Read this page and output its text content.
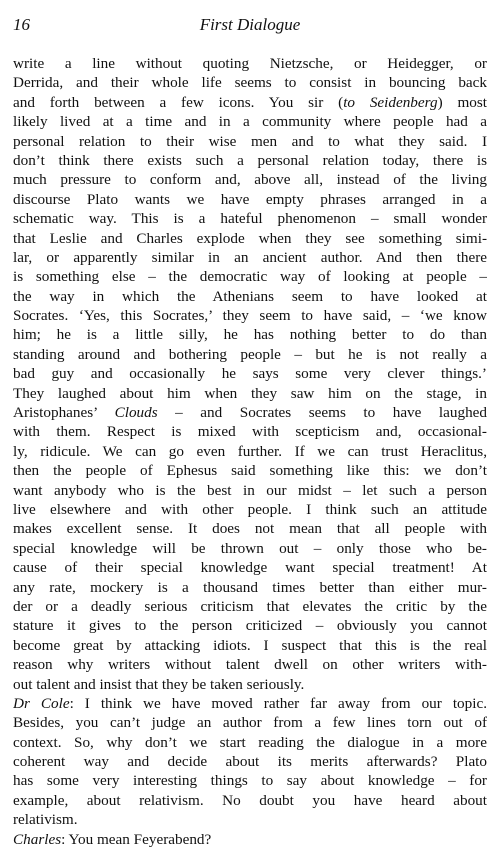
16	First Dialogue
write a line without quoting Nietzsche, or Heidegger, or
Derrida, and their whole life seems to consist in bouncing back
and forth between a few icons. You sir (to Seidenberg) most
likely lived at a time and in a community where people had a
personal relation to their wise men and to what they said. I
don’t think there exists such a personal relation today, there is
much pressure to conform and, above all, instead of the living
discourse Plato wants we have empty phrases arranged in a
schematic way. This is a hateful phenomenon – small wonder
that Leslie and Charles explode when they see something simi-
lar, or apparently similar in an ancient author. And then there
is something else – the democratic way of looking at people –
the way in which the Athenians seem to have looked at
Socrates. ‘Yes, this Socrates,’ they seem to have said, – ‘we know
him; he is a little silly, he has nothing better to do than
standing around and bothering people – but he is not really a
bad guy and occasionally he says some very clever things.’
They laughed about him when they saw him on the stage, in
Aristophanes’ Clouds – and Socrates seems to have laughed
with them. Respect is mixed with scepticism and, occasional-
ly, ridicule. We can go even further. If we can trust Heraclitus,
then the people of Ephesus said something like this: we don’t
want anybody who is the best in our midst – let such a person
live elsewhere and with other people. I think such an attitude
makes excellent sense. It does not mean that all people with
special knowledge will be thrown out – only those who be-
cause of their special knowledge want special treatment! At
any rate, mockery is a thousand times better than either mur-
der or a deadly serious criticism that elevates the critic by the
stature it gives to the person criticized – obviously you cannot
become great by attacking idiots. I suspect that this is the real
reason why writers without talent dwell on other writers with-
out talent and insist that they be taken seriously.
Dr Cole: I think we have moved rather far away from our topic.
Besides, you can’t judge an author from a few lines torn out of
context. So, why don’t we start reading the dialogue in a more
coherent way and decide about its merits afterwards? Plato
has some very interesting things to say about knowledge – for
example, about relativism. No doubt you have heard about
relativism.
Charles: You mean Feyerabend?
